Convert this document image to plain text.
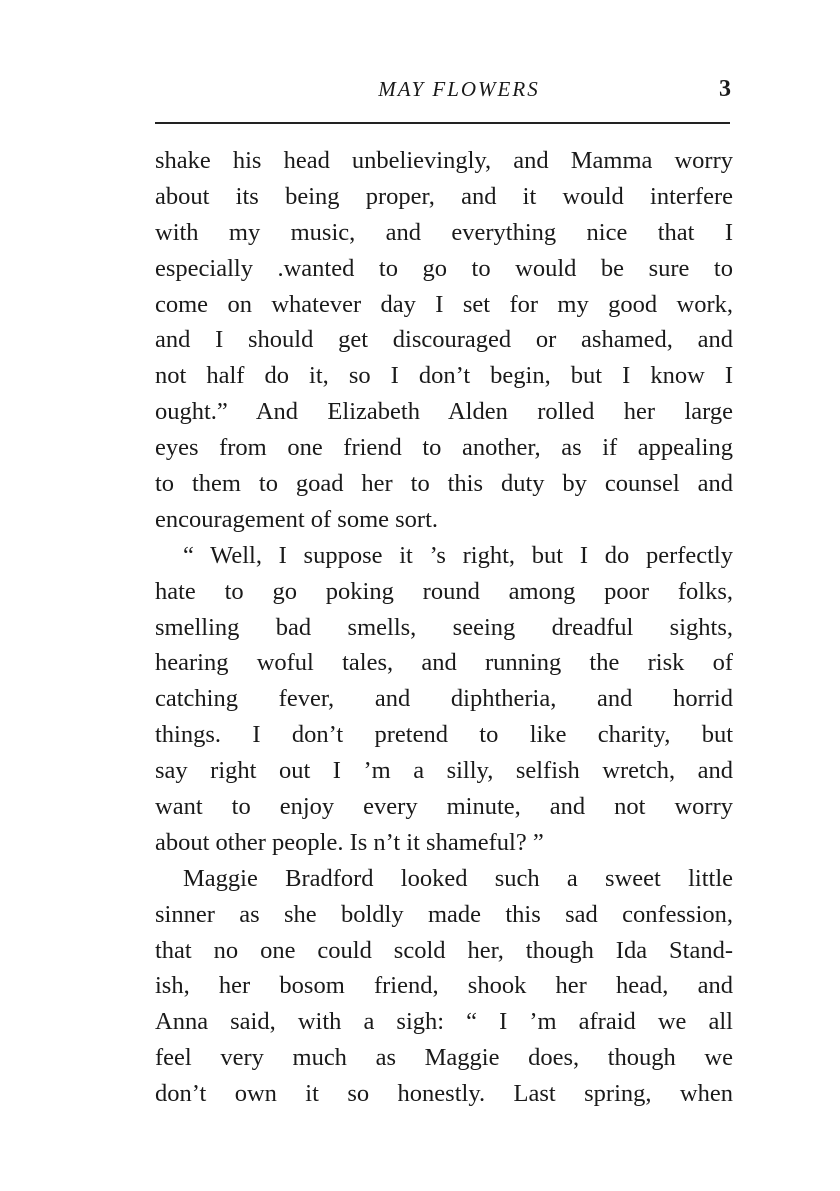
MAY FLOWERS	3
shake his head unbelievingly, and Mamma worry
about its being proper, and it would interfere
with my music, and everything nice that I
especially .wanted to go to would be sure to
come on whatever day I set for my good work,
and I should get discouraged or ashamed, and
not half do it, so I don’t begin, but I know I
ought.” And Elizabeth Alden rolled her large
eyes from one friend to another, as if appealing
to them to goad her to this duty by counsel and
encouragement of some sort.
“ Well, I suppose it ’s right, but I do perfectly
hate to go poking round among poor folks,
smelling bad smells, seeing dreadful sights,
hearing woful tales, and running the risk of
catching fever, and diphtheria, and horrid
things. I don’t pretend to like charity, but
say right out I ’m a silly, selfish wretch, and
want to enjoy every minute, and not worry
about other people. Is n’t it shameful? ”
Maggie Bradford looked such a sweet little
sinner as she boldly made this sad confession,
that no one could scold her, though Ida Stand-
ish, her bosom friend, shook her head, and
Anna said, with a sigh: “ I ’m afraid we all
feel very much as Maggie does, though we
don’t own it so honestly. Last spring, when
